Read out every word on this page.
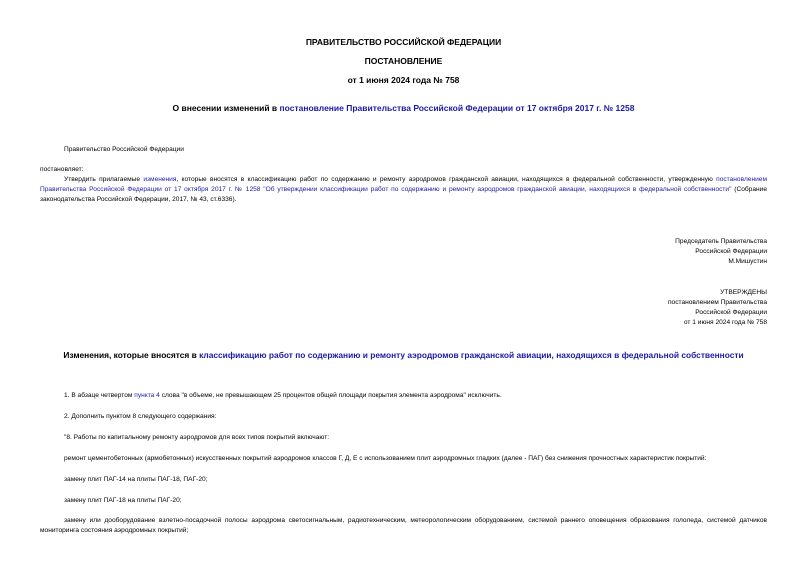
ПРАВИТЕЛЬСТВО РОССИЙСКОЙ ФЕДЕРАЦИИ
ПОСТАНОВЛЕНИЕ
от 1 июня 2024 года № 758
О внесении изменений в постановление Правительства Российской Федерации от 17 октября 2017 г. № 1258
Правительство Российской Федерации
постановляет:
Утвердить прилагаемые изменения, которые вносятся в классификацию работ по содержанию и ремонту аэродромов гражданской авиации, находящихся в федеральной собственности, утвержденную постановлением Правительства Российской Федерации от 17 октября 2017 г. № 1258 "Об утверждении классификации работ по содержанию и ремонту аэродромов гражданской авиации, находящихся в федеральной собственности" (Собрание законодательства Российской Федерации, 2017, № 43, ст.6336).
Председатель Правительства
Российской Федерации
М.Мишустин
УТВЕРЖДЕНЫ
постановлением Правительства
Российской Федерации
от 1 июня 2024 года № 758
Изменения, которые вносятся в классификацию работ по содержанию и ремонту аэродромов гражданской авиации, находящихся в федеральной собственности
1. В абзаце четвертом пункта 4 слова "в объеме, не превышающем 25 процентов общей площади покрытия элемента аэродрома" исключить.
2. Дополнить пунктом 8 следующего содержания:
"8. Работы по капитальному ремонту аэродромов для всех типов покрытий включают:
ремонт цементобетонных (армобетонных) искусственных покрытий аэродромов классов Г, Д, Е с использованием плит аэродромных гладких (далее - ПАГ) без снижения прочностных характеристик покрытий:
замену плит ПАГ-14 на плиты ПАГ-18, ПАГ-20;
замену плит ПАГ-18 на плиты ПАГ-20;
замену или дооборудование взлетно-посадочной полосы аэродрома светосигнальным, радиотехническим, метеорологическим оборудованием, системой раннего оповещения образования гололеда, системой датчиков мониторинга состояния аэродромных покрытий;
